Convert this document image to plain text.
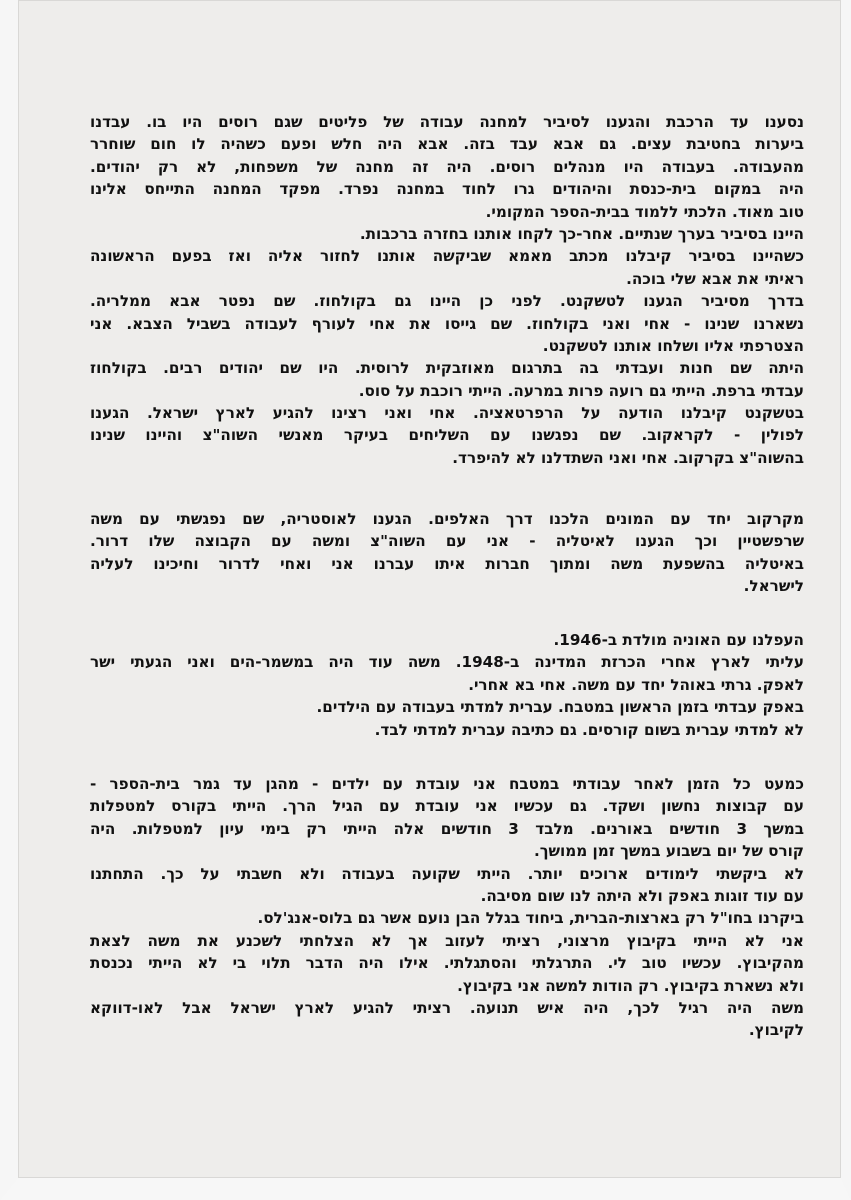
נסענו עד הרכבת והגענו לסיביר למחנה עבודה של פליטים שגם רוסים היו בו. עבדנו
ביערות בחטיבת עצים. גם אבא עבד בזה. אבא היה חלש ופעם כשהיה לו חום שוחרר
מהעבודה. בעבודה היו מנהלים רוסים. היה זה מחנה של משפחות, לא רק יהודים.
היה במקום בית-כנסת והיהודים גרו לחוד במחנה נפרד. מפקד המחנה התייחס אלינו
טוב מאוד. הלכתי ללמוד בבית-הספר המקומי.
היינו בסיביר בערך שנתיים. אחר-כך לקחו אותנו בחזרה ברכבות.
כשהיינו בסיביר קיבלנו מכתב מאמא שביקשה אותנו לחזור אליה ואז בפעם הראשונה
ראיתי את אבא שלי בוכה.
בדרך מסיביר הגענו לטשקנט. לפני כן היינו גם בקולחוז. שם נפטר אבא ממלריה.
נשארנו שנינו - אחי ואני בקולחוז. שם גייסו את אחי לעורף לעבודה בשביל הצבא. אני
הצטרפתי אליו ושלחו אותנו לטשקנט.
היתה שם חנות ועבדתי בה בתרגום מאוזבקית לרוסית. היו שם יהודים רבים. בקולחוז
עבדתי ברפת. הייתי גם רועה פרות במרעה. הייתי רוכבת על סוס.
בטשקנט קיבלנו הודעה על הרפרטאציה. אחי ואני רצינו להגיע לארץ ישראל. הגענו
לפולין - לקראקוב. שם נפגשנו עם השליחים בעיקר מאנשי השוה"צ והיינו שנינו
בהשוה"צ בקרקוב. אחי ואני השתדלנו לא להיפרד.
מקרקוב יחד עם המונים הלכנו דרך האלפים. הגענו לאוסטריה, שם נפגשתי עם משה
שרפשטיין וכך הגענו לאיטליה - אני עם השוה"צ ומשה עם הקבוצה שלו דרור.
באיטליה בהשפעת משה ומתוך חברות איתו עברנו אני ואחי לדרור וחיכינו לעליה
לישראל.
העפלנו עם האוניה מולדת ב-1946.
עליתי לארץ אחרי הכרזת המדינה ב-1948. משה עוד היה במשמר-הים ואני הגעתי ישר
לאפק. גרתי באוהל יחד עם משה. אחי בא אחרי.
באפק עבדתי בזמן הראשון במטבח. עברית למדתי בעבודה עם הילדים.
לא למדתי עברית בשום קורסים. גם כתיבה עברית למדתי לבד.
כמעט כל הזמן לאחר עבודתי במטבח אני עובדת עם ילדים - מהגן עד גמר בית-הספר -
עם קבוצות נחשון ושקד. גם עכשיו אני עובדת עם הגיל הרך. הייתי בקורס למטפלות
במשך 3 חודשים באורנים. מלבד 3 חודשים אלה הייתי רק בימי עיון למטפלות. היה
קורס של יום בשבוע במשך זמן ממושך.
לא ביקשתי לימודים ארוכים יותר. הייתי שקועה בעבודה ולא חשבתי על כך. התחתנו
עם עוד זוגות באפק ולא היתה לנו שום מסיבה.
ביקרנו בחו"ל רק בארצות-הברית, ביחוד בגלל הבן נועם אשר גם בלוס-אנג'לס.
אני לא הייתי בקיבוץ מרצוני, רציתי לעזוב אך לא הצלחתי לשכנע את משה לצאת
מהקיבוץ. עכשיו טוב לי. התרגלתי והסתגלתי. אילו היה הדבר תלוי בי לא הייתי נכנסת
ולא נשארת בקיבוץ. רק הודות למשה אני בקיבוץ.
משה היה רגיל לכך, היה איש תנועה. רציתי להגיע לארץ ישראל אבל לאו-דווקא
לקיבוץ.
